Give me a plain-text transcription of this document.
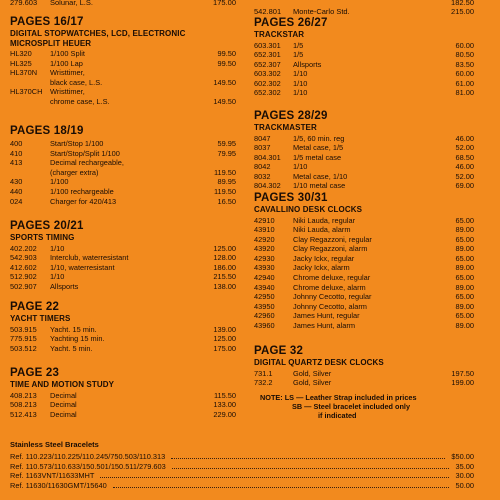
279.603 Solunar, L.S.	175.00
PAGES 16/17
DIGITAL STOPWATCHES, LCD, ELECTRONIC
MICROSPLIT HEUER
HL320 1/100 Split	99.50
HL325 1/100 Lap	99.50
HL370N Wristtimer,
black case, L.S.	149.50
HL370CH Wristtimer,
chrome case, L.S.	149.50
PAGES 18/19
400	Start/Stop 1/100	59.95
410	Start/Stop/Split 1/100	79.95
413	Decimal rechargeable,
(charger extra)	119.50
430	1/100	89.95
440	1/100 rechargeable	119.50
024	Charger for 420/413	16.50
PAGES 20/21
SPORTS TIMING
402.202 1/10	125.00
542.903 Interclub, waterresistant	128.00
412.602 1/10, waterresistant	186.00
512.902 1/10	215.50
502.907 Allsports	138.00
PAGE 22
YACHT TIMERS
503.915 Yacht. 15 min.	139.00
775.915 Yachting 15 min.	125.00
503.512 Yacht. 5 min.	175.00
PAGE 23
TIME AND MOTION STUDY
408.213 Decimal	115.50
508.213 Decimal	133.00
512.413 Decimal	229.00
182.50
542.801 Monte-Carlo Std.	215.00
PAGES 26/27
TRACKSTAR
603.301 1/5	60.00
652.301 1/5	80.50
652.307 Allsports	83.50
603.302 1/10	60.00
602.302 1/10	61.00
652.302 1/10	81.00
PAGES 28/29
TRACKMASTER
8047	1/5, 60 min. reg	46.00
8037	Metal case, 1/5	52.00
804.301 1/5 metal case	68.50
8042	1/10	46.00
8032	Metal case, 1/10	52.00
804.302 1/10 metal case	69.00
PAGES 30/31
CAVALLINO DESK CLOCKS
42910 Niki Lauda, regular	65.00
43910 Niki Lauda, alarm	89.00
42920 Clay Regazzoni, regular	65.00
43920 Clay Regazzoni, alarm	89.00
42930 Jacky Ickx, regular	65.00
43930 Jacky Ickx, alarm	89.00
42940 Chrome deluxe, regular	65.00
43940 Chrome deluxe, alarm	89.00
42950 Johnny Cecotto, regular	65.00
43950 Johnny Cecotto, alarm	89.00
42960 James Hunt, regular	65.00
43960 James Hunt, alarm	89.00
PAGE 32
DIGITAL QUARTZ DESK CLOCKS
731.1	Gold, Silver	197.50
732.2	Gold, Silver	199.00
NOTE: LS — Leather Strap included in prices
SB — Steel bracelet included only
if indicated
Stainless Steel Bracelets
Ref. 110.223/110.225/110.245/750.503/110.313	$50.00
Ref. 110.573/110.633/150.501/150.511/279.603	35.00
Ref. 1163VNT/11633MHT	30.00
Ref. 11630/11630GMT/15640	50.00
